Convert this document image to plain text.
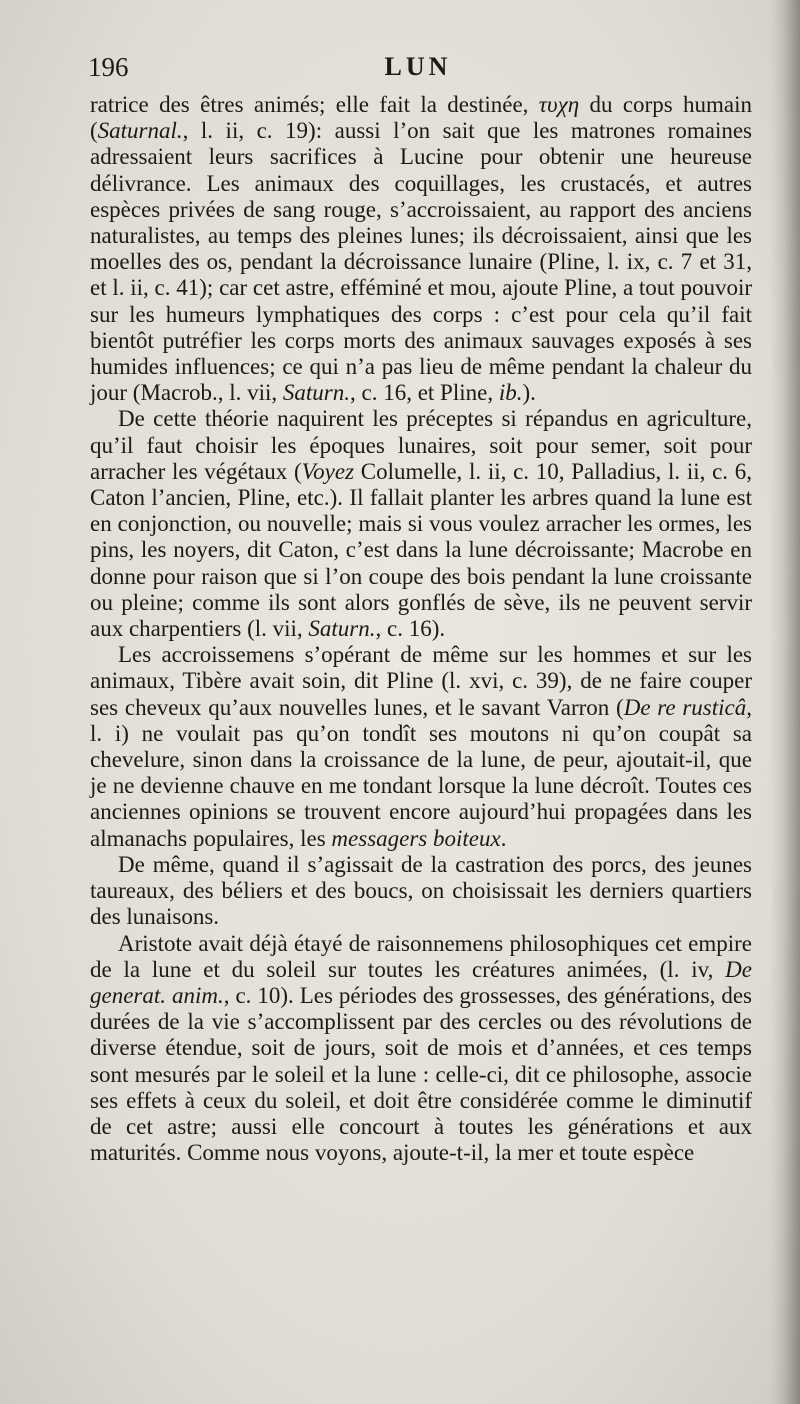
196	LUN

ratrice des êtres animés; elle fait la destinée, τυχη du corps humain (Saturnal., l. ii, c. 19): aussi l’on sait que les matrones romaines adressaient leurs sacrifices à Lucine pour obtenir une heureuse délivrance. Les animaux des coquillages, les crustacés, et autres espèces privées de sang rouge, s’accroissaient, au rapport des anciens naturalistes, au temps des pleines lunes; ils décroissaient, ainsi que les moelles des os, pendant la décroissance lunaire (Pline, l. ix, c. 7 et 31, et l. ii, c. 41); car cet astre, efféminé et mou, ajoute Pline, a tout pouvoir sur les humeurs lymphatiques des corps : c’est pour cela qu’il fait bientôt putréfier les corps morts des animaux sauvages exposés à ses humides influences; ce qui n’a pas lieu de même pendant la chaleur du jour (Macrob., l. vii, Saturn., c. 16, et Pline, ib.).

De cette théorie naquirent les préceptes si répandus en agriculture, qu’il faut choisir les époques lunaires, soit pour semer, soit pour arracher les végétaux (Voyez Columelle, l. ii, c. 10, Palladius, l. ii, c. 6, Caton l’ancien, Pline, etc.). Il fallait planter les arbres quand la lune est en conjonction, ou nouvelle; mais si vous voulez arracher les ormes, les pins, les noyers, dit Caton, c’est dans la lune décroissante; Macrobe en donne pour raison que si l’on coupe des bois pendant la lune croissante ou pleine; comme ils sont alors gonflés de sève, ils ne peuvent servir aux charpentiers (l. vii, Saturn., c. 16).

Les accroissemens s’opérant de même sur les hommes et sur les animaux, Tibère avait soin, dit Pline (l. xvi, c. 39), de ne faire couper ses cheveux qu’aux nouvelles lunes, et le savant Varron (De re rusticâ, l. i) ne voulait pas qu’on tondît ses moutons ni qu’on coupât sa chevelure, sinon dans la croissance de la lune, de peur, ajoutait-il, que je ne devienne chauve en me tondant lorsque la lune décroît. Toutes ces anciennes opinions se trouvent encore aujourd’hui propagées dans les almanachs populaires, les messagers boiteux.

De même, quand il s’agissait de la castration des porcs, des jeunes taureaux, des béliers et des boucs, on choisissait les derniers quartiers des lunaisons.

Aristote avait déjà étayé de raisonnemens philosophiques cet empire de la lune et du soleil sur toutes les créatures animées, (l. iv, De generat. anim., c. 10). Les périodes des grossesses, des générations, des durées de la vie s’accomplissent par des cercles ou des révolutions de diverse étendue, soit de jours, soit de mois et d’années, et ces temps sont mesurés par le soleil et la lune : celle-ci, dit ce philosophe, associe ses effets à ceux du soleil, et doit être considérée comme le diminutif de cet astre; aussi elle concourt à toutes les générations et aux maturités. Comme nous voyons, ajoute-t-il, la mer et toute espèce
